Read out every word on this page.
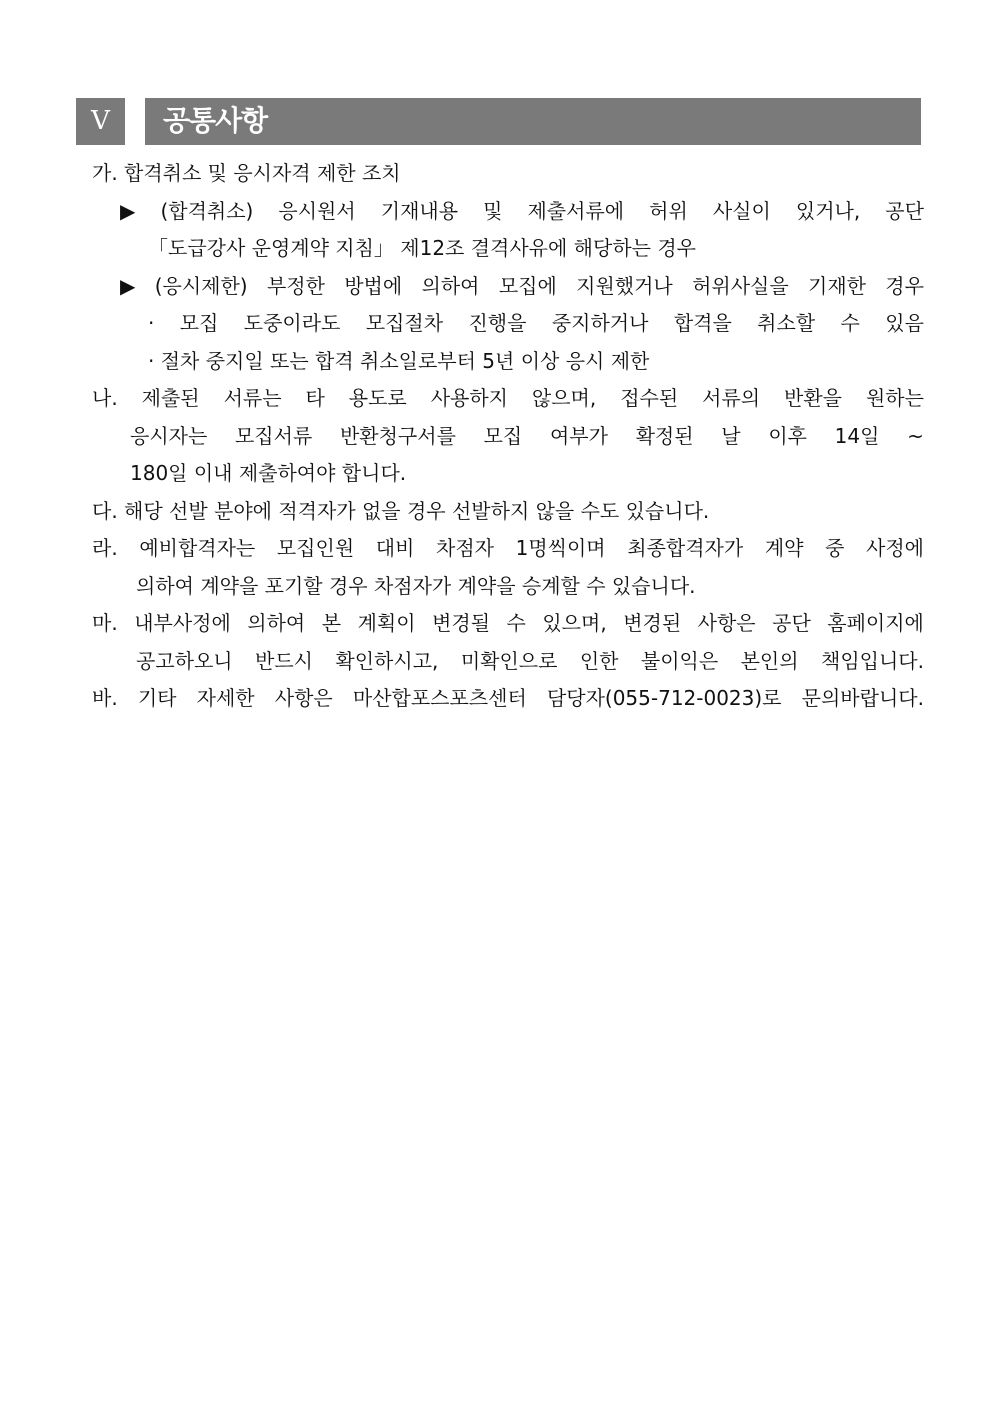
V	공통사항
가. 합격취소 및 응시자격 제한 조치
▶ (합격취소) 응시원서 기재내용 및 제출서류에 허위 사실이 있거나, 공단
「도급강사 운영계약 지침」 제12조 결격사유에 해당하는 경우
▶ (응시제한) 부정한 방법에 의하여 모집에 지원했거나 허위사실을 기재한 경우
· 모집 도중이라도 모집절차 진행을 중지하거나 합격을 취소할 수 있음
· 절차 중지일 또는 합격 취소일로부터 5년 이상 응시 제한
나. 제출된 서류는 타 용도로 사용하지 않으며, 접수된 서류의 반환을 원하는
응시자는 모집서류 반환청구서를 모집 여부가 확정된 날 이후 14일 ~
180일 이내 제출하여야 합니다.
다. 해당 선발 분야에 적격자가 없을 경우 선발하지 않을 수도 있습니다.
라. 예비합격자는 모집인원 대비 차점자 1명씩이며 최종합격자가 계약 중 사정에
의하여 계약을 포기할 경우 차점자가 계약을 승계할 수 있습니다.
마. 내부사정에 의하여 본 계획이 변경될 수 있으며, 변경된 사항은 공단 홈페이지에
공고하오니 반드시 확인하시고, 미확인으로 인한 불이익은 본인의 책임입니다.
바. 기타 자세한 사항은 마산합포스포츠센터 담당자(055-712-0023)로 문의바랍니다.
